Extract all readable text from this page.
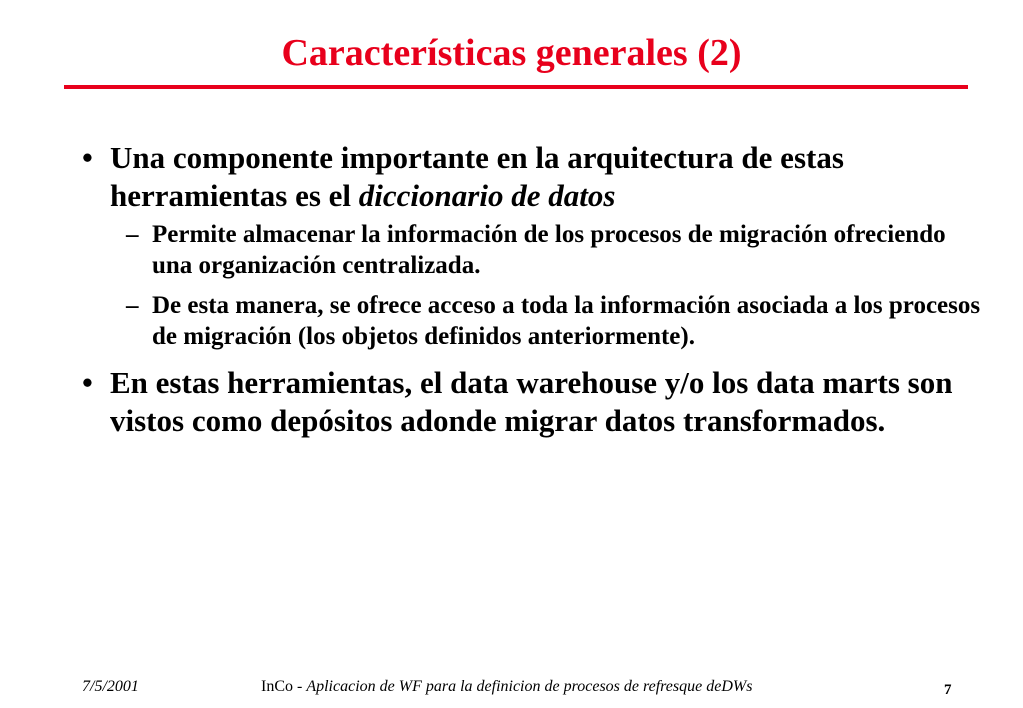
Características generales (2)
• Una componente importante en la arquitectura de estas herramientas es el diccionario de datos
– Permite almacenar la información de los procesos de migración ofreciendo una organización centralizada.
– De esta manera, se ofrece acceso a toda la información asociada a los procesos de migración (los objetos definidos anteriormente).
• En estas herramientas, el data warehouse y/o los data marts son vistos como depósitos adonde migrar datos transformados.
7/5/2001	InCo - Aplicacion de WF para la definicion de procesos de refresque deDWs	7
